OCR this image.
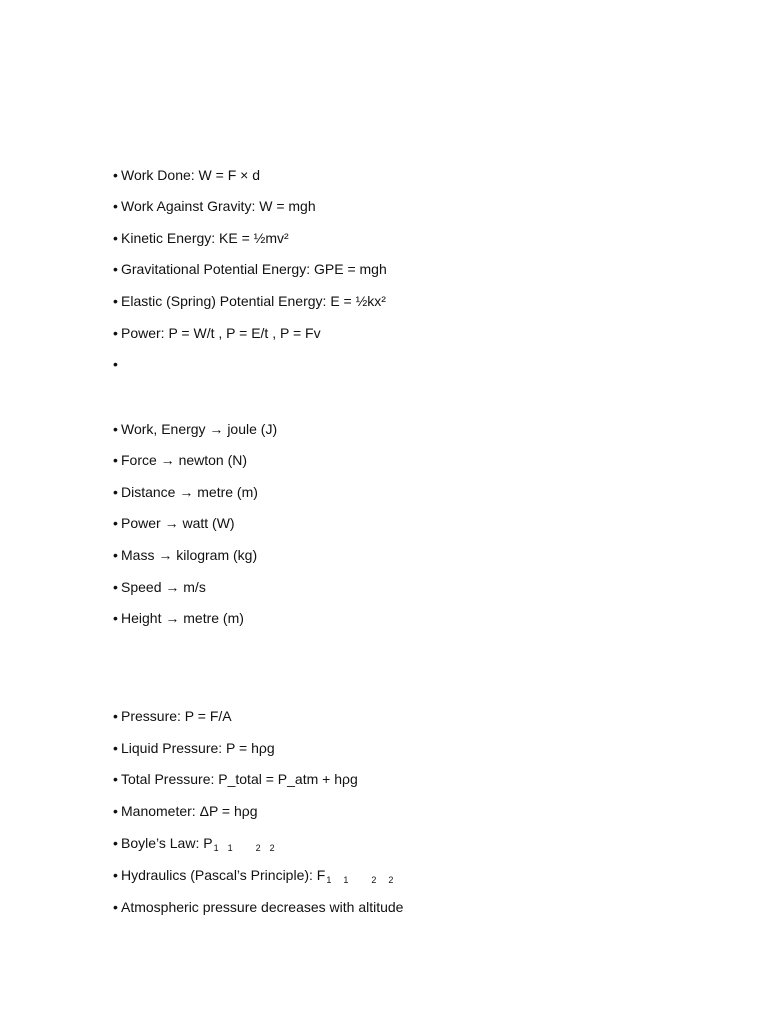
• Work Done: W = F × d
• Work Against Gravity: W = mgh
• Kinetic Energy: KE = ½mv²
• Gravitational Potential Energy: GPE = mgh
• Elastic (Spring) Potential Energy: E = ½kx²
• Power: P = W/t , P = E/t , P = Fv
•
• Work, Energy → joule (J)
• Force → newton (N)
• Distance → metre (m)
• Power → watt (W)
• Mass → kilogram (kg)
• Speed → m/s
• Height → metre (m)
• Pressure: P = F/A
• Liquid Pressure: P = hρg
• Total Pressure: P_total = P_atm + hρg
• Manometer: ΔP = hρg
• Boyle’s Law: P1 1	2 2
• Hydraulics (Pascal’s Principle): F1 1	2 2
• Atmospheric pressure decreases with altitude
